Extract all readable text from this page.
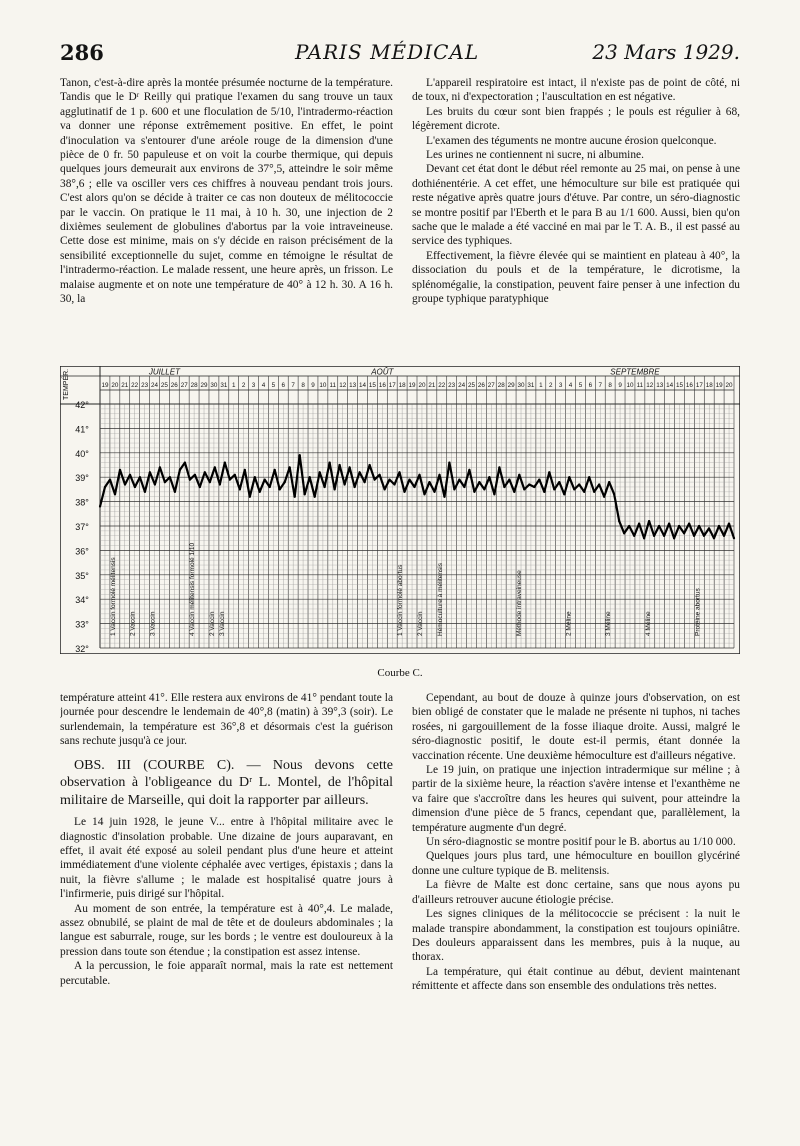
286	PARIS MÉDICAL	23 Mars 1929.

Tanon, c'est-à-dire après la montée présumée nocturne de la température. Tandis que le Dʳ Reilly qui pratique l'examen du sang trouve un taux agglutinatif de 1 p. 600 et une floculation de 5/10, l'intradermo-réaction va donner une réponse extrêmement positive. En effet, le point d'inoculation va s'entourer d'une aréole rouge de la dimension d'une pièce de 0 fr. 50 papuleuse et on voit la courbe thermique, qui depuis quelques jours demeurait aux environs de 37°,5, atteindre le soir même 38°,6 ; elle va osciller vers ces chiffres à nouveau pendant trois jours. C'est alors qu'on se décide à traiter ce cas non douteux de mélitococcie par le vaccin. On pratique le 11 mai, à 10 h. 30, une injection de 2 dixièmes seulement de globulines d'abortus par la voie intraveineuse. Cette dose est minime, mais on s'y décide en raison précisément de la sensibilité exceptionnelle du sujet, comme en témoigne le résultat de l'intradermo-réaction. Le malade ressent, une heure après, un frisson. Le malaise augmente et on note une température de 40° à 12 h. 30. A 16 h. 30, la

L'appareil respiratoire est intact, il n'existe pas de point de côté, ni de toux, ni d'expectoration ; l'auscultation en est négative.

Les bruits du cœur sont bien frappés ; le pouls est régulier à 68, légèrement dicrote.

L'examen des téguments ne montre aucune érosion quelconque.

Les urines ne contiennent ni sucre, ni albumine.

Devant cet état dont le début réel remonte au 25 mai, on pense à une dothiénentérie. A cet effet, une hémoculture sur bile est pratiquée qui reste négative après quatre jours d'étuve. Par contre, un séro-diagnostic se montre positif par l'Eberth et le para B au 1/1 600. Aussi, bien qu'on sache que le malade a été vacciné en mai par le T. A. B., il est passé au service des typhiques.

Effectivement, la fièvre élevée qui se maintient en plateau à 40°, la dissociation du pouls et de la température, le dicrotisme, la splénomégalie, la constipation, peuvent faire penser à une infection du groupe typhique paratyphique

42°
41°
40°
39°
38°
37°
36°
35°
34°
33°
32°
TEMPÉR.	JUILLET	AOÛT	SEPTEMBRE
19 20 21 22 23 24 25 26 27 28 29 30 31 1 2 3 4 5 6 7 8 9 10 11 12 13 14 15 16 17 18 19 20 21 22 23 24 25 26 27 28 29 30 31 1 2 3 4 5 6 7 8 9 10 11 12 13 14 15 16 17 18 19 20
1 Vaccin formolé mélitensis 2 Vaccin 3 Vaccin	4 Vaccin mélitensis formolé 1/10 2 Vaccin 3 Vaccin	1 Vaccin formolé abortus 2 Vaccin Hémoculture à mélitensis	Méthode intraveineuse	2 Méline	3 Méline	4 Méline	Protéine abortus
Courbe C.

température atteint 41°. Elle restera aux environs de 41° pendant toute la journée pour descendre le lendemain de 40°,8 (matin) à 39°,3 (soir). Le surlendemain, la température est 36°,8 et désormais c'est la guérison sans rechute jusqu'à ce jour.

OBS. III (COURBE C). — Nous devons cette observation à l'obligeance du Dʳ L. Montel, de l'hôpital militaire de Marseille, qui doit la rapporter par ailleurs.

Le 14 juin 1928, le jeune V... entre à l'hôpital militaire avec le diagnostic d'insolation probable. Une dizaine de jours auparavant, en effet, il avait été exposé au soleil pendant plus d'une heure et atteint immédiatement d'une violente céphalée avec vertiges, épistaxis ; dans la nuit, la fièvre s'allume ; le malade est hospitalisé quatre jours à l'infirmerie, puis dirigé sur l'hôpital.

Au moment de son entrée, la température est à 40°,4. Le malade, assez obnubilé, se plaint de mal de tête et de douleurs abdominales ; la langue est saburrale, rouge, sur les bords ; le ventre est douloureux à la pression dans toute son étendue ; la constipation est assez intense.

A la percussion, le foie apparaît normal, mais la rate est nettement percutable.

Cependant, au bout de douze à quinze jours d'observation, on est bien obligé de constater que le malade ne présente ni tuphos, ni taches rosées, ni gargouillement de la fosse iliaque droite. Aussi, malgré le séro-diagnostic positif, le doute est-il permis, étant donnée la vaccination récente. Une deuxième hémoculture est d'ailleurs négative.

Le 19 juin, on pratique une injection intradermique sur méline ; à partir de la sixième heure, la réaction s'avère intense et l'exanthème ne va faire que s'accroître dans les heures qui suivent, pour atteindre la dimension d'une pièce de 5 francs, cependant que, parallèlement, la température augmente d'un degré.

Un séro-diagnostic se montre positif pour le B. abortus au 1/10 000.

Quelques jours plus tard, une hémoculture en bouillon glycériné donne une culture typique de B. melitensis.

La fièvre de Malte est donc certaine, sans que nous ayons pu d'ailleurs retrouver aucune étiologie précise.

Les signes cliniques de la mélitococcie se précisent : la nuit le malade transpire abondamment, la constipation est toujours opiniâtre. Des douleurs apparaissent dans les membres, puis à la nuque, au thorax.

La température, qui était continue au début, devient maintenant rémittente et affecte dans son ensemble des ondulations très nettes.
